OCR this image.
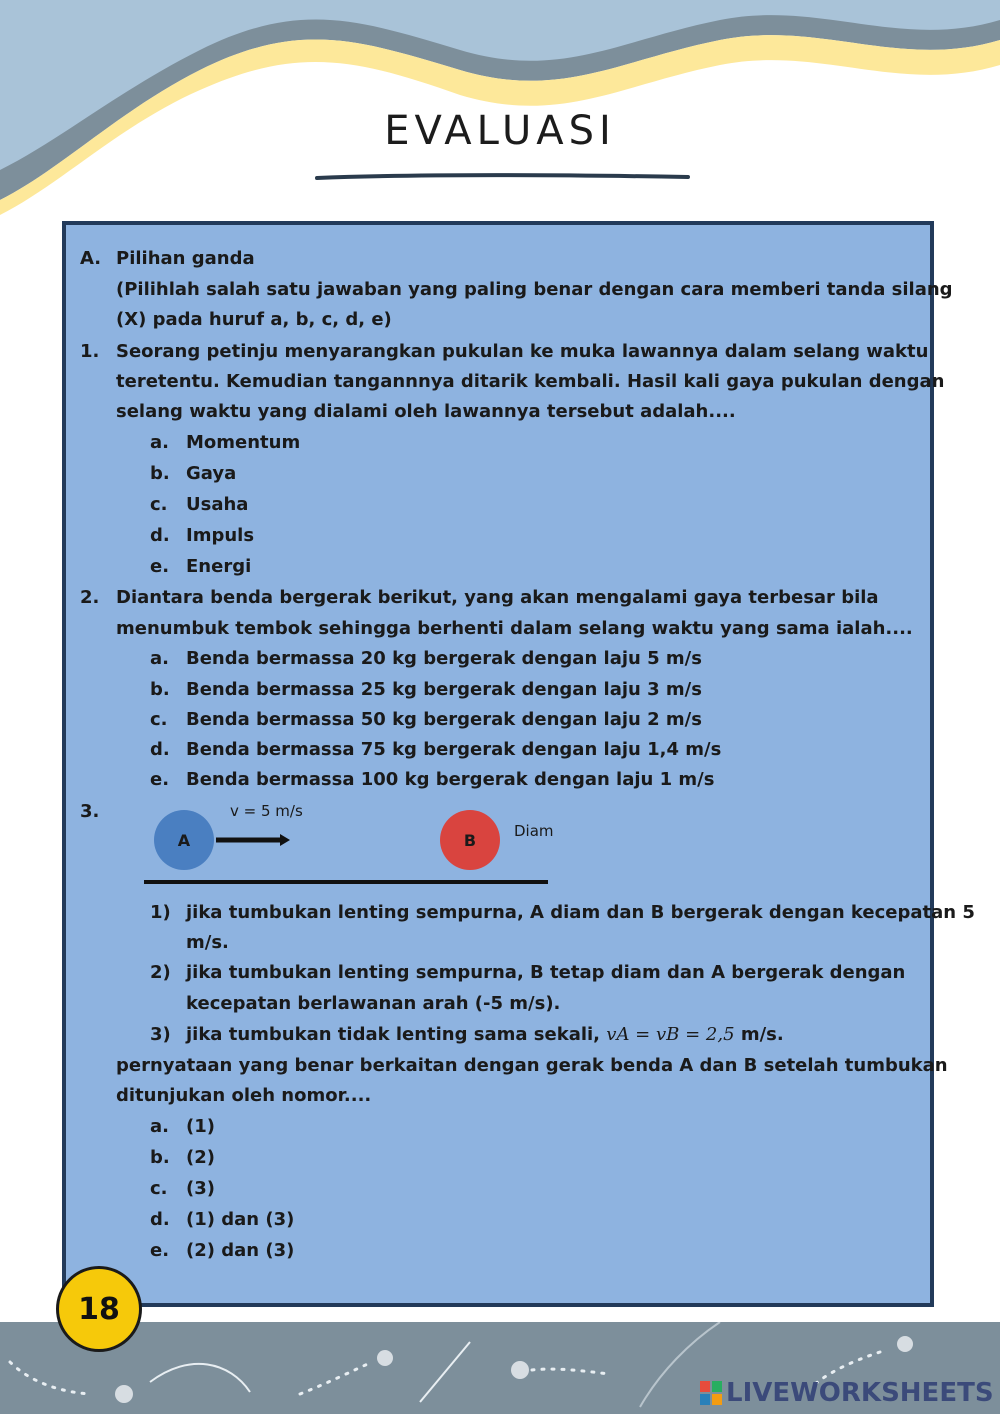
EVALUASI
A. Pilihan ganda
(Pilihlah salah satu jawaban yang paling benar dengan cara memberi tanda silang
(X) pada huruf a, b, c, d, e)
1. Seorang petinju menyarangkan pukulan ke muka lawannya dalam selang waktu
teretentu. Kemudian tangannnya ditarik kembali. Hasil kali gaya pukulan dengan
selang waktu yang dialami oleh lawannya tersebut adalah....
a. Momentum
b. Gaya
c. Usaha
d. Impuls
e. Energi
2. Diantara benda bergerak berikut, yang akan mengalami gaya terbesar bila
menumbuk tembok sehingga berhenti dalam selang waktu yang sama ialah....
a. Benda bermassa 20 kg bergerak dengan laju 5 m/s
b. Benda bermassa 25 kg bergerak dengan laju 3 m/s
c. Benda bermassa 50 kg bergerak dengan laju 2 m/s
d. Benda bermassa 75 kg bergerak dengan laju 1,4 m/s
e. Benda bermassa 100 kg bergerak dengan laju 1 m/s
3.
A
v = 5 m/s
B	Diam
1) jika tumbukan lenting sempurna, A diam dan B bergerak dengan kecepatan 5
m/s.
2) jika tumbukan lenting sempurna, B tetap diam dan A bergerak dengan
kecepatan berlawanan arah (-5 m/s).
3) jika tumbukan tidak lenting sama sekali, vA = vB = 2,5 m/s.
pernyataan yang benar berkaitan dengan gerak benda A dan B setelah tumbukan
ditunjukan oleh nomor....
a. (1)
b. (2)
c. (3)
d. (1) dan (3)
e. (2) dan (3)
18
LIVEWORKSHEETS
